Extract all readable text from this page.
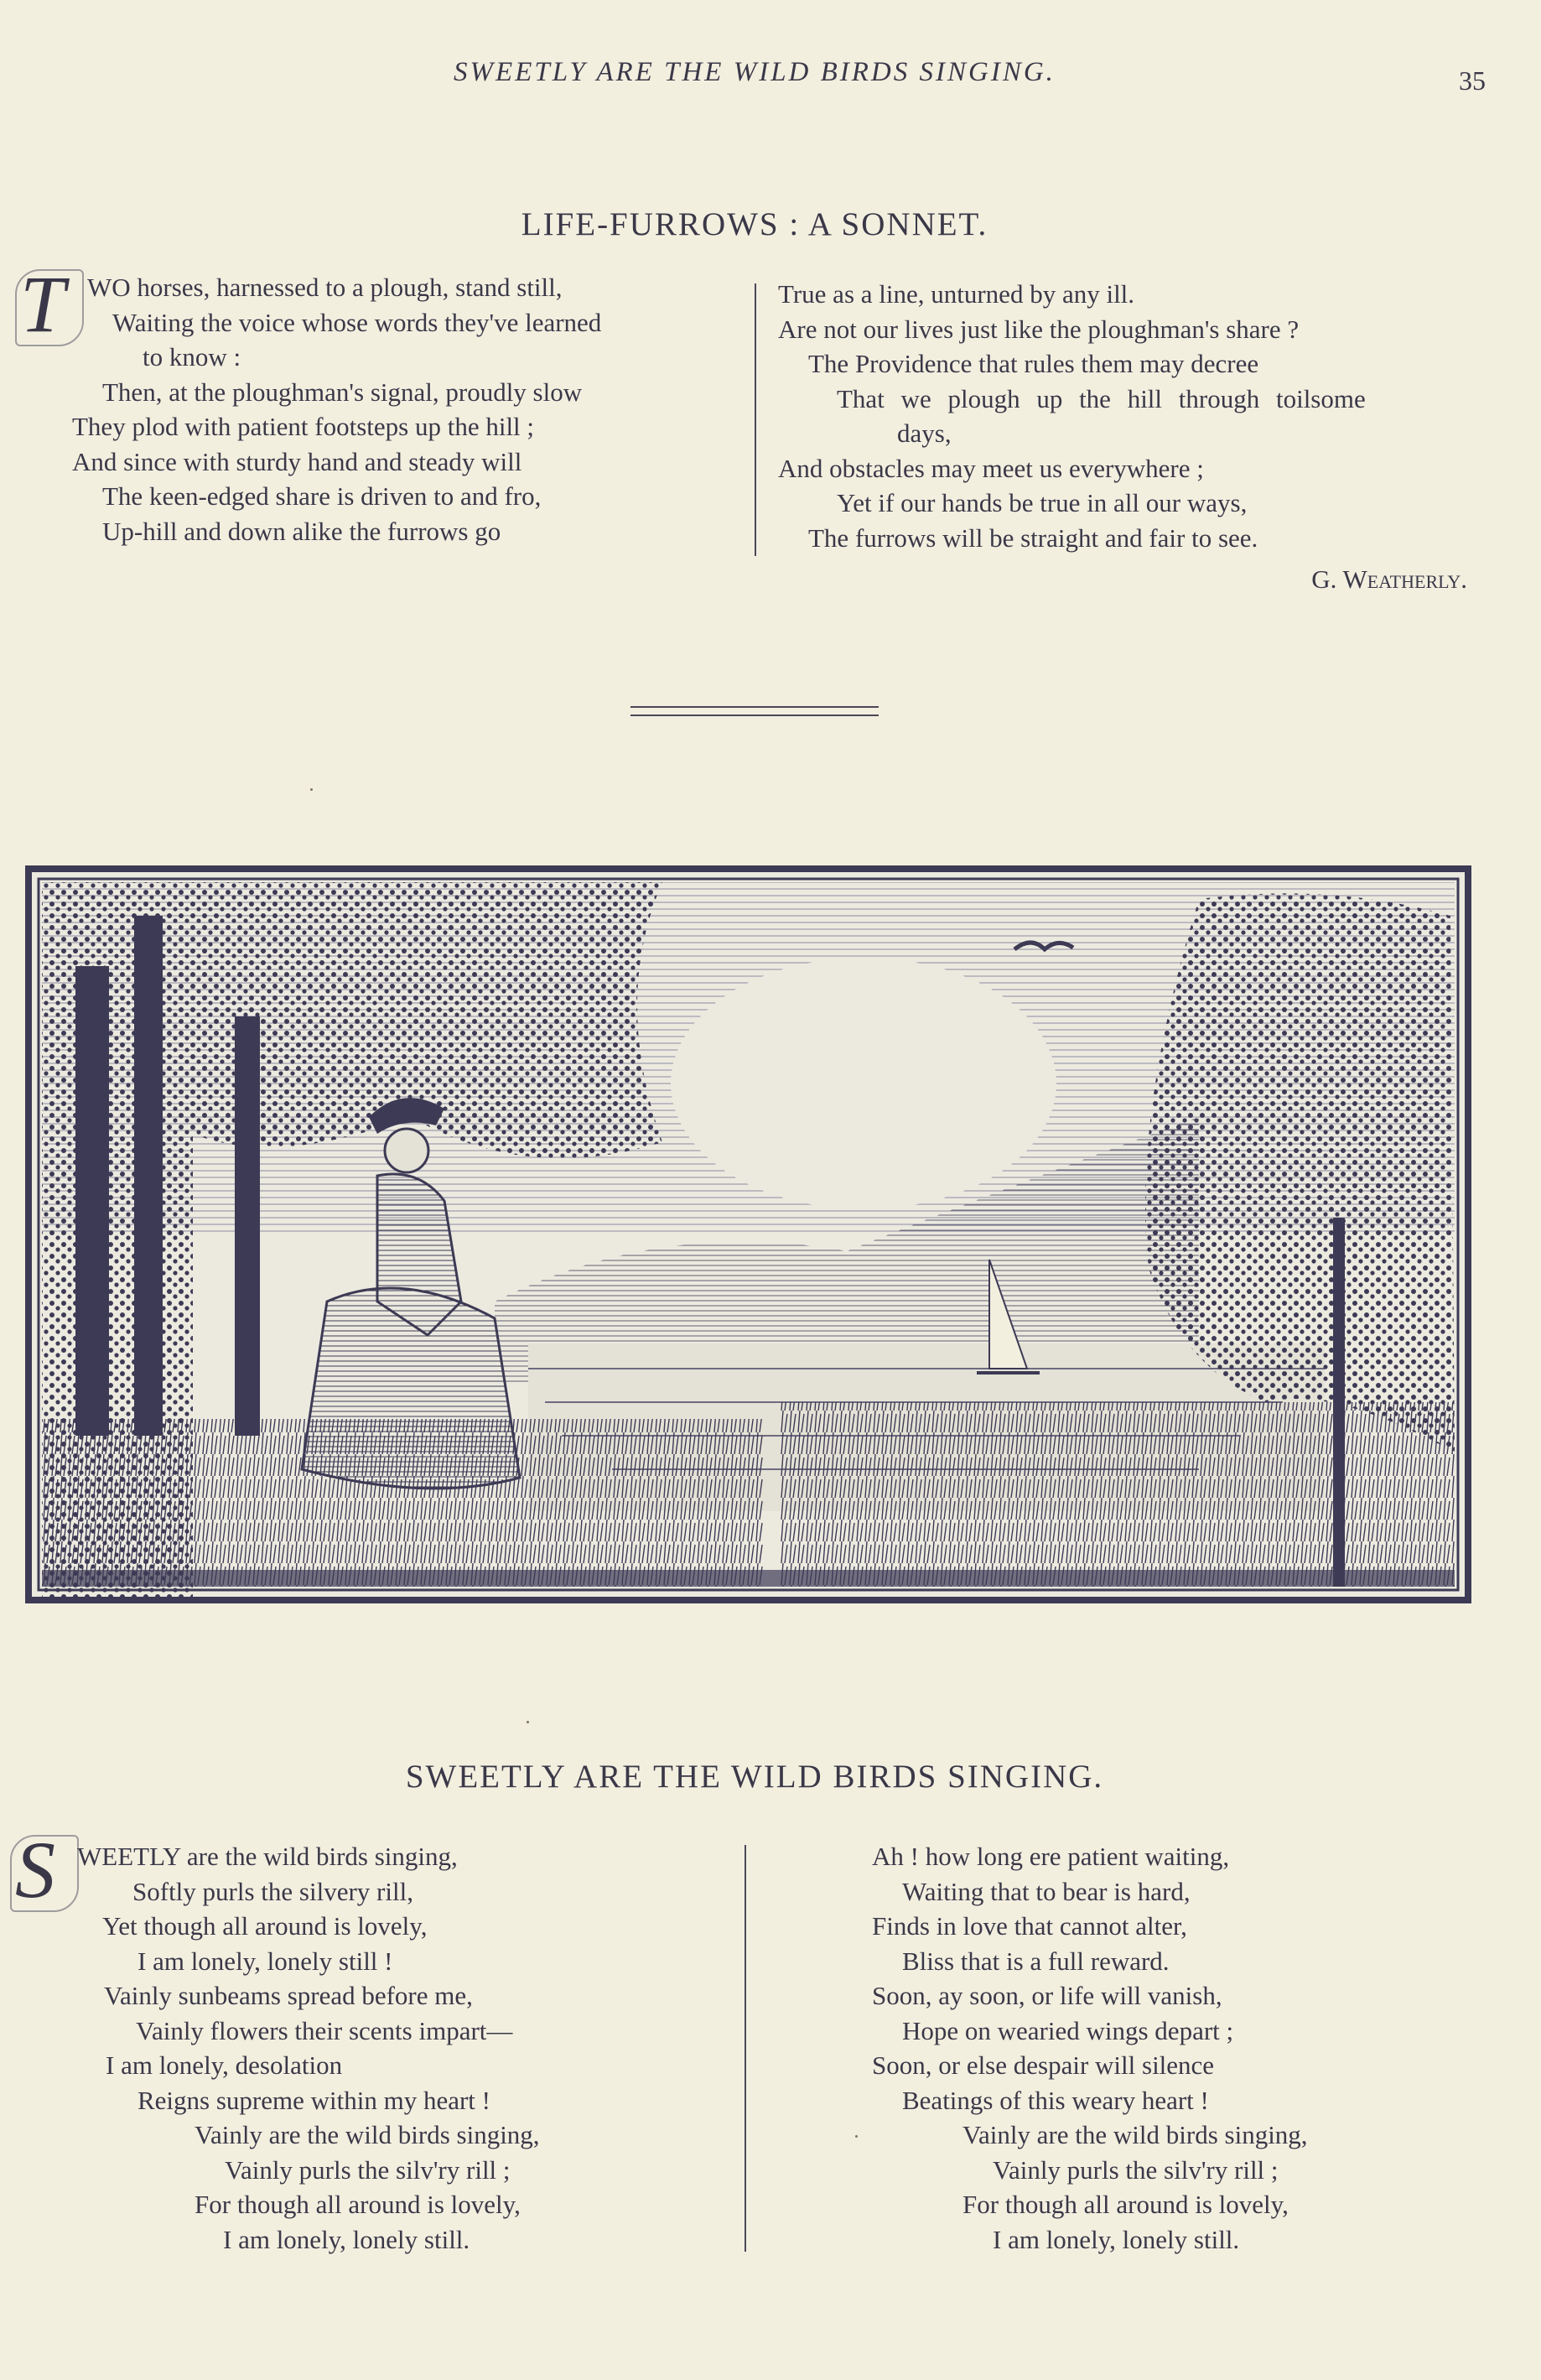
SWEETLY ARE THE WILD BIRDS SINGING.	35
LIFE-FURROWS : A SONNET.
T WO horses, harnessed to a plough, stand still,
Waiting the voice whose words they've learned
to know :
Then, at the ploughman's signal, proudly slow
They plod with patient footsteps up the hill ;
And since with sturdy hand and steady will
The keen-edged share is driven to and fro,
Up-hill and down alike the furrows go
True as a line, unturned by any ill.
Are not our lives just like the ploughman's share ?
The Providence that rules them may decree
That we plough up the hill through toilsome
days,
And obstacles may meet us everywhere ;
Yet if our hands be true in all our ways,
The furrows will be straight and fair to see.
G. Weatherly.
SWEETLY ARE THE WILD BIRDS SINGING.
S WEETLY are the wild birds singing,
Softly purls the silvery rill,
Yet though all around is lovely,
I am lonely, lonely still !
Vainly sunbeams spread before me,
Vainly flowers their scents impart—
I am lonely, desolation
Reigns supreme within my heart !
Vainly are the wild birds singing,
Vainly purls the silv'ry rill ;
For though all around is lovely,
I am lonely, lonely still.
Ah ! how long ere patient waiting,
Waiting that to bear is hard,
Finds in love that cannot alter,
Bliss that is a full reward.
Soon, ay soon, or life will vanish,
Hope on wearied wings depart ;
Soon, or else despair will silence
Beatings of this weary heart !
Vainly are the wild birds singing,
Vainly purls the silv'ry rill ;
For though all around is lovely,
I am lonely, lonely still.
